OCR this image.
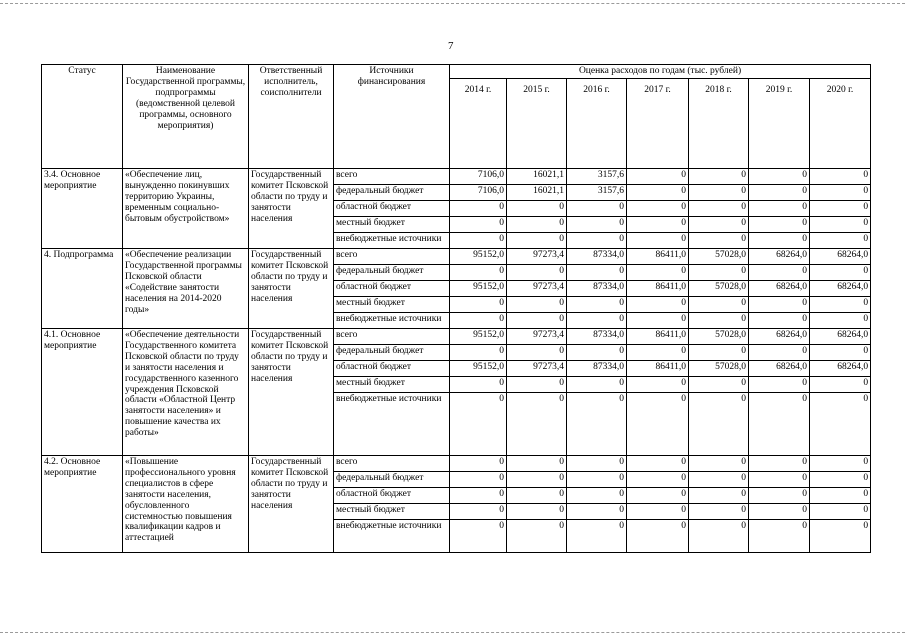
7
Статус	Наименование Государственной программы, подпрограммы (ведомственной целевой программы, основного мероприятия)	Ответственный исполнитель, соисполнители	Источники финансирования	Оценка расходов по годам (тыс. рублей)						
				2014 г.	2015 г.	2016 г.	2017 г.	2018 г.	2019 г.	2020 г.
3.4. Основное мероприятие	«Обеспечение лиц, вынужденно покинувших территорию Украины, временным социально-бытовым обустройством»	Государственный комитет Псковской области по труду и занятости населения	всего	7106,0	16021,1	3157,6	0	0	0	0
			федеральный бюджет	7106,0	16021,1	3157,6	0	0	0	0
			областной бюджет	0	0	0	0	0	0	0
			местный бюджет	0	0	0	0	0	0	0
			внебюджетные источники	0	0	0	0	0	0	0
4. Подпрограмма	«Обеспечение реализации Государственной программы Псковской области «Содействие занятости населения на 2014-2020 годы»	Государственный комитет Псковской области по труду и занятости населения	всего	95152,0	97273,4	87334,0	86411,0	57028,0	68264,0	68264,0
			федеральный бюджет	0	0	0	0	0	0	0
			областной бюджет	95152,0	97273,4	87334,0	86411,0	57028,0	68264,0	68264,0
			местный бюджет	0	0	0	0	0	0	0
			внебюджетные источники	0	0	0	0	0	0	0
4.1. Основное мероприятие	«Обеспечение деятельности Государственного комитета Псковской области по труду и занятости населения и государственного казенного учреждения Псковской области «Областной Центр занятости населения» и повышение качества их работы»	Государственный комитет Псковской области по труду и занятости населения	всего	95152,0	97273,4	87334,0	86411,0	57028,0	68264,0	68264,0
			федеральный бюджет	0	0	0	0	0	0	0
			областной бюджет	95152,0	97273,4	87334,0	86411,0	57028,0	68264,0	68264,0
			местный бюджет	0	0	0	0	0	0	0
			внебюджетные источники	0	0	0	0	0	0	0
4.2. Основное мероприятие	«Повышение профессионального уровня специалистов в сфере занятости населения, обусловленного системностью повышения квалификации кадров и аттестацией	Государственный комитет Псковской области по труду и занятости населения	всего	0	0	0	0	0	0	0
			федеральный бюджет	0	0	0	0	0	0	0
			областной бюджет	0	0	0	0	0	0	0
			местный бюджет	0	0	0	0	0	0	0
			внебюджетные источники	0	0	0	0	0	0	0
